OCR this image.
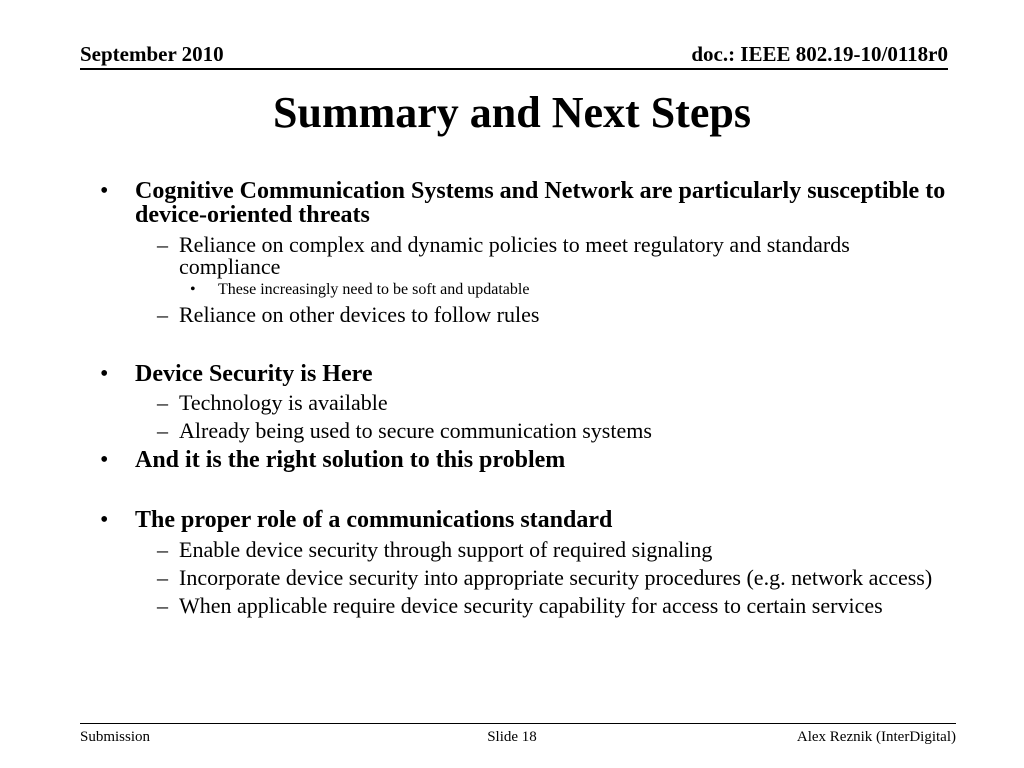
September 2010	doc.: IEEE 802.19-10/0118r0
Summary and Next Steps
• Cognitive Communication Systems and Network are particularly susceptible to device-oriented threats
– Reliance on complex and dynamic policies to meet regulatory and standards compliance
• These increasingly need to be soft and updatable
– Reliance on other devices to follow rules
• Device Security is Here
– Technology is available
– Already being used to secure communication systems
• And it is the right solution to this problem
• The proper role of a communications standard
– Enable device security through support of required signaling
– Incorporate device security into appropriate security procedures (e.g. network access)
– When applicable require device security capability for access to certain services
Submission	Slide 18	Alex Reznik (InterDigital)
